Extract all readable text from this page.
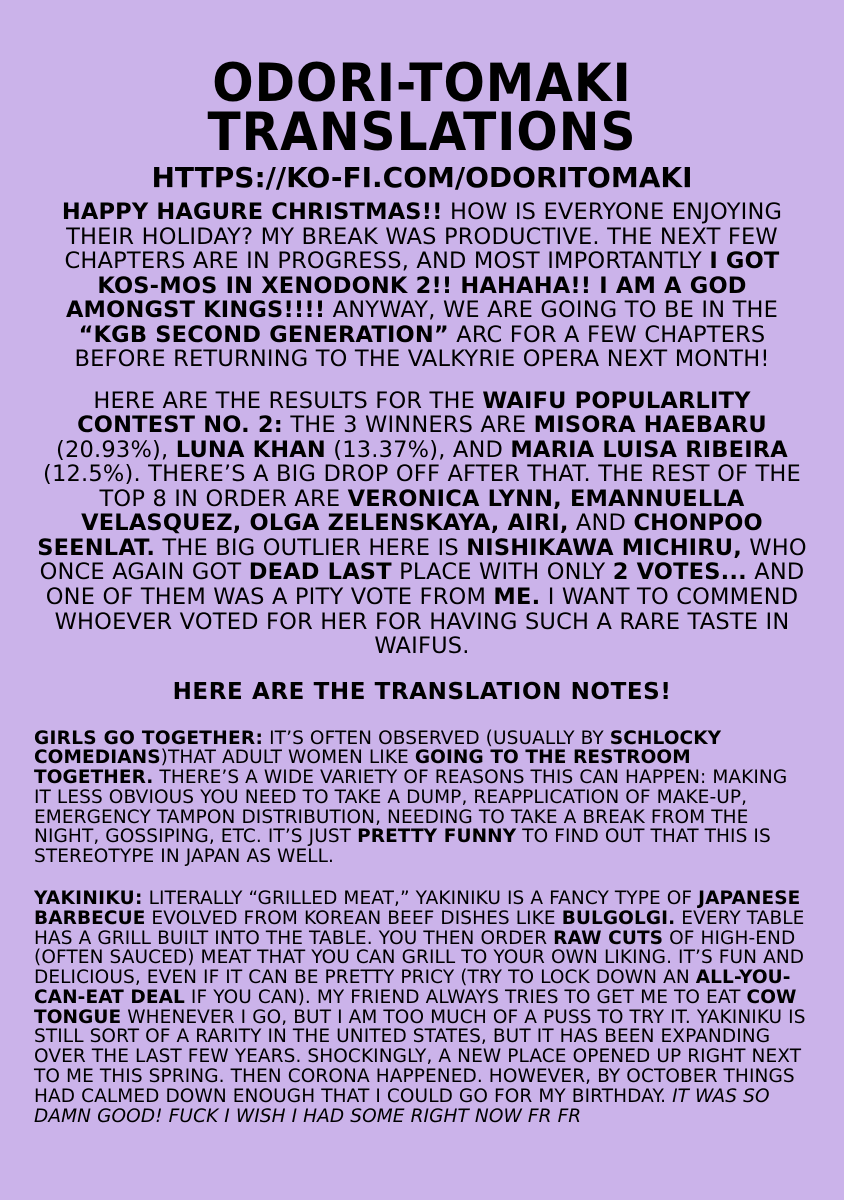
ODORI-TOMAKI
TRANSLATIONS
HTTPS://KO-FI.COM/ODORITOMAKI
HAPPY HAGURE CHRISTMAS!! HOW IS EVERYONE ENJOYING THEIR HOLIDAY? MY BREAK WAS PRODUCTIVE. THE NEXT FEW CHAPTERS ARE IN PROGRESS, AND MOST IMPORTANTLY I GOT KOS-MOS IN XENODONK 2!! HAHAHA!! I AM A GOD AMONGST KINGS!!!! ANYWAY, WE ARE GOING TO BE IN THE “KGB SECOND GENERATION” ARC FOR A FEW CHAPTERS BEFORE RETURNING TO THE VALKYRIE OPERA NEXT MONTH!
HERE ARE THE RESULTS FOR THE WAIFU POPULARLITY CONTEST NO. 2: THE 3 WINNERS ARE MISORA HAEBARU (20.93%), LUNA KHAN (13.37%), AND MARIA LUISA RIBEIRA (12.5%). THERE’S A BIG DROP OFF AFTER THAT. THE REST OF THE TOP 8 IN ORDER ARE VERONICA LYNN, EMANNUELLA VELASQUEZ, OLGA ZELENSKAYA, AIRI, AND CHONPOO SEENLAT. THE BIG OUTLIER HERE IS NISHIKAWA MICHIRU, WHO ONCE AGAIN GOT DEAD LAST PLACE WITH ONLY 2 VOTES... AND ONE OF THEM WAS A PITY VOTE FROM ME. I WANT TO COMMEND WHOEVER VOTED FOR HER FOR HAVING SUCH A RARE TASTE IN WAIFUS.
HERE ARE THE TRANSLATION NOTES!
GIRLS GO TOGETHER: IT’S OFTEN OBSERVED (USUALLY BY SCHLOCKY COMEDIANS)THAT ADULT WOMEN LIKE GOING TO THE RESTROOM TOGETHER. THERE’S A WIDE VARIETY OF REASONS THIS CAN HAPPEN: MAKING IT LESS OBVIOUS YOU NEED TO TAKE A DUMP, REAPPLICATION OF MAKE-UP, EMERGENCY TAMPON DISTRIBUTION, NEEDING TO TAKE A BREAK FROM THE NIGHT, GOSSIPING, ETC. IT’S JUST PRETTY FUNNY TO FIND OUT THAT THIS IS STEREOTYPE IN JAPAN AS WELL.
YAKINIKU: LITERALLY “GRILLED MEAT,” YAKINIKU IS A FANCY TYPE OF JAPANESE BARBECUE EVOLVED FROM KOREAN BEEF DISHES LIKE BULGOLGI. EVERY TABLE HAS A GRILL BUILT INTO THE TABLE. YOU THEN ORDER RAW CUTS OF HIGH-END (OFTEN SAUCED) MEAT THAT YOU CAN GRILL TO YOUR OWN LIKING. IT’S FUN AND DELICIOUS, EVEN IF IT CAN BE PRETTY PRICY (TRY TO LOCK DOWN AN ALL-YOU-CAN-EAT DEAL IF YOU CAN). MY FRIEND ALWAYS TRIES TO GET ME TO EAT COW TONGUE WHENEVER I GO, BUT I AM TOO MUCH OF A PUSS TO TRY IT. YAKINIKU IS STILL SORT OF A RARITY IN THE UNITED STATES, BUT IT HAS BEEN EXPANDING OVER THE LAST FEW YEARS. SHOCKINGLY, A NEW PLACE OPENED UP RIGHT NEXT TO ME THIS SPRING. THEN CORONA HAPPENED. HOWEVER, BY OCTOBER THINGS HAD CALMED DOWN ENOUGH THAT I COULD GO FOR MY BIRTHDAY. IT WAS SO DAMN GOOD! FUCK I WISH I HAD SOME RIGHT NOW FR FR
